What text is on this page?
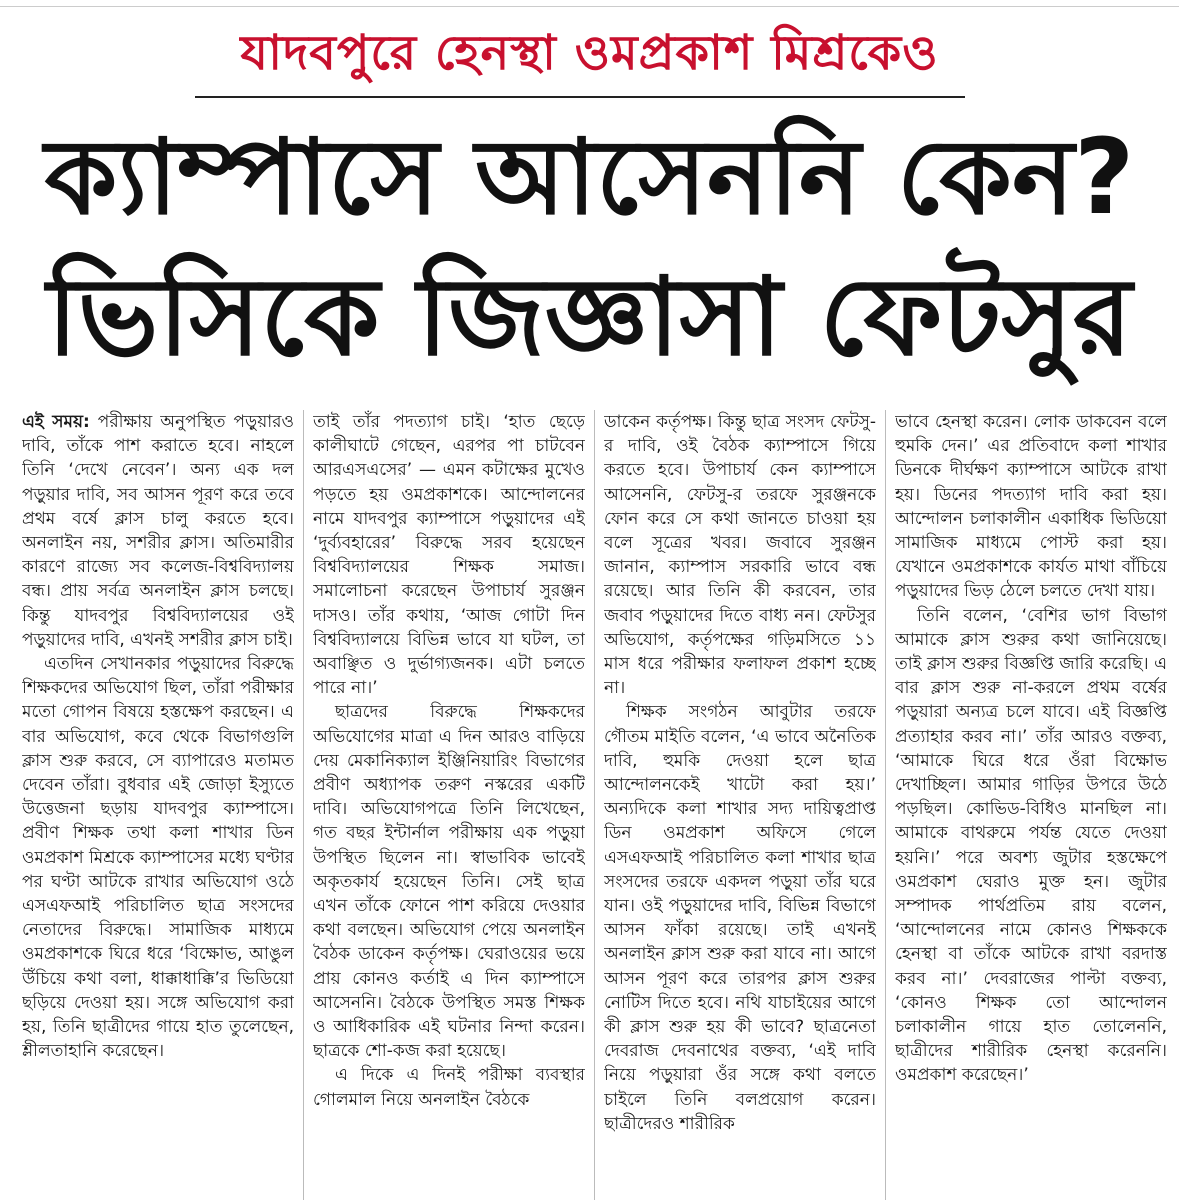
যাদবপুরে হেনস্থা ওমপ্রকাশ মিশ্রকেও
ক্যাম্পাসে আসেননি কেন?
ভিসিকে জিজ্ঞাসা ফেটসুর

এই সময়: পরীক্ষায় অনুপস্থিত পড়ুয়ারও দাবি, তাঁকে পাশ করাতে হবে। নাহলে তিনি ‘দেখে নেবেন’। অন্য এক দল পড়ুয়ার দাবি, সব আসন পূরণ করে তবে প্রথম বর্ষে ক্লাস চালু করতে হবে। অনলাইন নয়, সশরীর ক্লাস। অতিমারীর কারণে রাজ্যে সব কলেজ-বিশ্ববিদ্যালয় বন্ধ। প্রায় সর্বত্র অনলাইন ক্লাস চলছে। কিন্তু যাদবপুর বিশ্ববিদ্যালয়ের ওই পড়ুয়াদের দাবি, এখনই সশরীর ক্লাস চাই।

এতদিন সেখানকার পড়ুয়াদের বিরুদ্ধে শিক্ষকদের অভিযোগ ছিল, তাঁরা পরীক্ষার মতো গোপন বিষয়ে হস্তক্ষেপ করছেন। এ বার অভিযোগ, কবে থেকে বিভাগগুলি ক্লাস শুরু করবে, সে ব্যাপারেও মতামত দেবেন তাঁরা। বুধবার এই জোড়া ইস্যুতে উত্তেজনা ছড়ায় যাদবপুর ক্যাম্পাসে। প্রবীণ শিক্ষক তথা কলা শাখার ডিন ওমপ্রকাশ মিশ্রকে ক্যাম্পাসের মধ্যে ঘণ্টার পর ঘণ্টা আটকে রাখার অভিযোগ ওঠে এসএফআই পরিচালিত ছাত্র সংসদের নেতাদের বিরুদ্ধে। সামাজিক মাধ্যমে ওমপ্রকাশকে ঘিরে ধরে ‘বিক্ষোভ, আঙুল উঁচিয়ে কথা বলা, ধাক্কাধাক্কি’র ভিডিয়ো ছড়িয়ে দেওয়া হয়। সঙ্গে অভিযোগ করা হয়, তিনি ছাত্রীদের গায়ে হাত তুলেছেন, শ্লীলতাহানি করেছেন।

তাই তাঁর পদত্যাগ চাই। ‘হাত ছেড়ে কালীঘাটে গেছেন, এরপর পা চাটবেন আরএসএসের’ — এমন কটাক্ষের মুখেও পড়তে হয় ওমপ্রকাশকে। আন্দোলনের নামে যাদবপুর ক্যাম্পাসে পড়ুয়াদের এই ‘দুর্ব্যবহারের’ বিরুদ্ধে সরব হয়েছেন বিশ্ববিদ্যালয়ের শিক্ষক সমাজ। সমালোচনা করেছেন উপাচার্য সুরঞ্জন দাসও। তাঁর কথায়, ‘আজ গোটা দিন বিশ্ববিদ্যালয়ে বিভিন্ন ভাবে যা ঘটল, তা অবাঞ্ছিত ও দুর্ভাগ্যজনক। এটা চলতে পারে না।’

ছাত্রদের বিরুদ্ধে শিক্ষকদের অভিযোগের মাত্রা এ দিন আরও বাড়িয়ে দেয় মেকানিক্যাল ইঞ্জিনিয়ারিং বিভাগের প্রবীণ অধ্যাপক তরুণ নস্করের একটি দাবি। অভিযোগপত্রে তিনি লিখেছেন, গত বছর ইন্টার্নাল পরীক্ষায় এক পড়ুয়া উপস্থিত ছিলেন না। স্বাভাবিক ভাবেই অকৃতকার্য হয়েছেন তিনি। সেই ছাত্র এখন তাঁকে ফোনে পাশ করিয়ে দেওয়ার কথা বলছেন। অভিযোগ পেয়ে অনলাইন বৈঠক ডাকেন কর্তৃপক্ষ। ঘেরাওয়ের ভয়ে প্রায় কোনও কর্তাই এ দিন ক্যাম্পাসে আসেননি। বৈঠকে উপস্থিত সমস্ত শিক্ষক ও আধিকারিক এই ঘটনার নিন্দা করেন। ছাত্রকে শো-কজ করা হয়েছে।

এ দিকে এ দিনই পরীক্ষা ব্যবস্থার গোলমাল নিয়ে অনলাইন বৈঠকে

ডাকেন কর্তৃপক্ষ। কিন্তু ছাত্র সংসদ ফেটসু-র দাবি, ওই বৈঠক ক্যাম্পাসে গিয়ে করতে হবে। উপাচার্য কেন ক্যাম্পাসে আসেননি, ফেটসু-র তরফে সুরঞ্জনকে ফোন করে সে কথা জানতে চাওয়া হয় বলে সূত্রের খবর। জবাবে সুরঞ্জন জানান, ক্যাম্পাস সরকারি ভাবে বন্ধ রয়েছে। আর তিনি কী করবেন, তার জবাব পড়ুয়াদের দিতে বাধ্য নন। ফেটসুর অভিযোগ, কর্তৃপক্ষের গড়িমসিতে ১১ মাস ধরে পরীক্ষার ফলাফল প্রকাশ হচ্ছে না।

শিক্ষক সংগঠন আবুটার তরফে গৌতম মাইতি বলেন, ‘এ ভাবে অনৈতিক দাবি, হুমকি দেওয়া হলে ছাত্র আন্দোলনকেই খাটো করা হয়।’ অন্যদিকে কলা শাখার সদ্য দায়িত্বপ্রাপ্ত ডিন ওমপ্রকাশ অফিসে গেলে এসএফআই পরিচালিত কলা শাখার ছাত্র সংসদের তরফে একদল পড়ুয়া তাঁর ঘরে যান। ওই পড়ুয়াদের দাবি, বিভিন্ন বিভাগে আসন ফাঁকা রয়েছে। তাই এখনই অনলাইন ক্লাস শুরু করা যাবে না। আগে আসন পূরণ করে তারপর ক্লাস শুরুর নোটিস দিতে হবে। নথি যাচাইয়ের আগে কী ক্লাস শুরু হয় কী ভাবে? ছাত্রনেতা দেবরাজ দেবনাথের বক্তব্য, ‘এই দাবি নিয়ে পড়ুয়ারা ওঁর সঙ্গে কথা বলতে চাইলে তিনি বলপ্রয়োগ করেন। ছাত্রীদেরও শারীরিক

ভাবে হেনস্থা করেন। লোক ডাকবেন বলে হুমকি দেন।’ এর প্রতিবাদে কলা শাখার ডিনকে দীর্ঘক্ষণ ক্যাম্পাসে আটকে রাখা হয়। ডিনের পদত্যাগ দাবি করা হয়। আন্দোলন চলাকালীন একাধিক ভিডিয়ো সামাজিক মাধ্যমে পোস্ট করা হয়। যেখানে ওমপ্রকাশকে কার্যত মাথা বাঁচিয়ে পড়ুয়াদের ভিড় ঠেলে চলতে দেখা যায়।

তিনি বলেন, ‘বেশির ভাগ বিভাগ আমাকে ক্লাস শুরুর কথা জানিয়েছে। তাই ক্লাস শুরুর বিজ্ঞপ্তি জারি করেছি। এ বার ক্লাস শুরু না-করলে প্রথম বর্ষের পড়ুয়ারা অন্যত্র চলে যাবে। এই বিজ্ঞপ্তি প্রত্যাহার করব না।’ তাঁর আরও বক্তব্য, ‘আমাকে ঘিরে ধরে ওঁরা বিক্ষোভ দেখাচ্ছিল। আমার গাড়ির উপরে উঠে পড়ছিল। কোভিড-বিধিও মানছিল না। আমাকে বাথরুমে পর্যন্ত যেতে দেওয়া হয়নি।’ পরে অবশ্য জুটার হস্তক্ষেপে ওমপ্রকাশ ঘেরাও মুক্ত হন। জুটার সম্পাদক পার্থপ্রতিম রায় বলেন, ‘আন্দোলনের নামে কোনও শিক্ষককে হেনস্থা বা তাঁকে আটকে রাখা বরদাস্ত করব না।’ দেবরাজের পাল্টা বক্তব্য, ‘কোনও শিক্ষক তো আন্দোলন চলাকালীন গায়ে হাত তোলেননি, ছাত্রীদের শারীরিক হেনস্থা করেননি। ওমপ্রকাশ করেছেন।’
